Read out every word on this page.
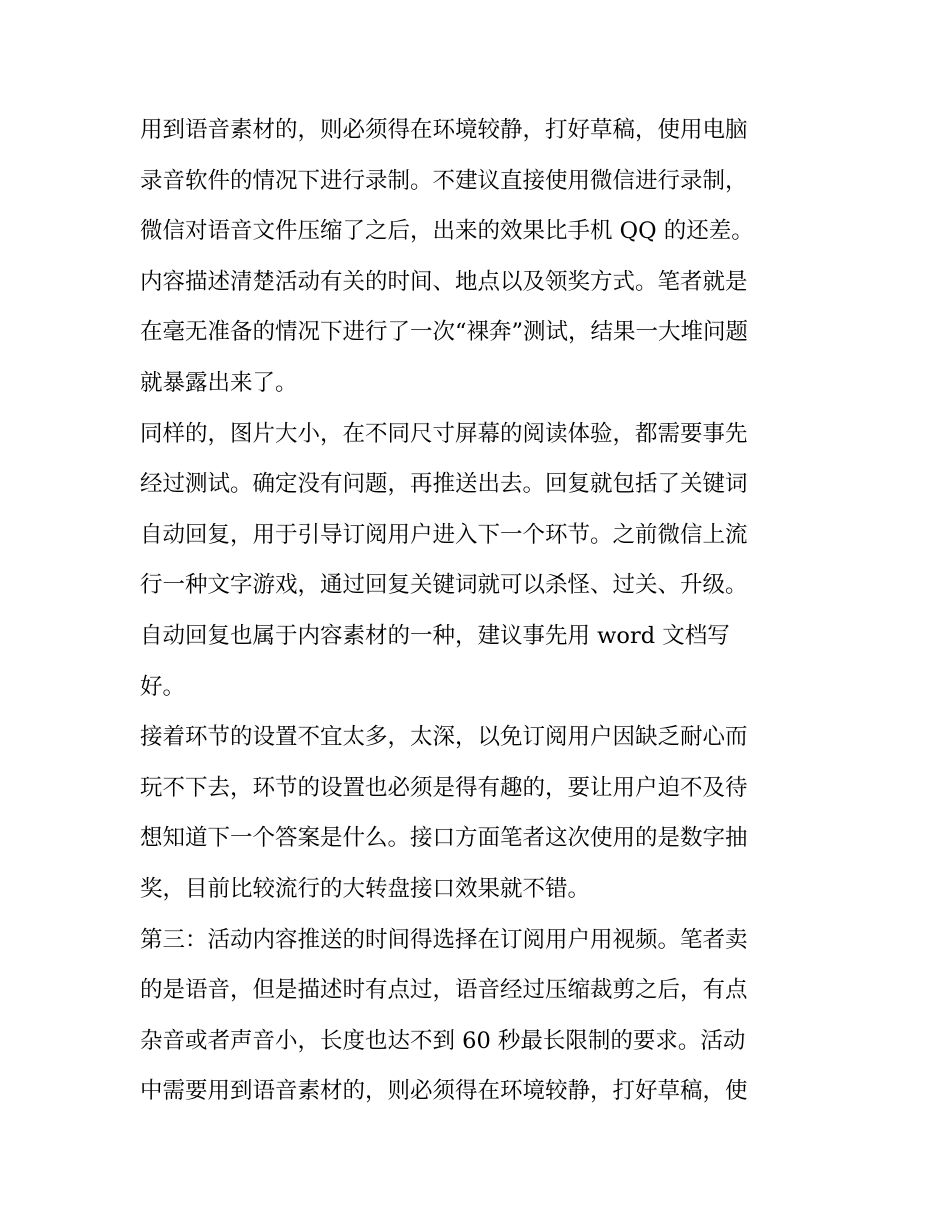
用到语音素材的，则必须得在环境较静，打好草稿，使用电脑
录音软件的情况下进行录制。不建议直接使用微信进行录制，
微信对语音文件压缩了之后，出来的效果比手机 QQ 的还差。
内容描述清楚活动有关的时间、地点以及领奖方式。笔者就是
在毫无准备的情况下进行了一次“裸奔”测试，结果一大堆问题
就暴露出来了。
同样的，图片大小，在不同尺寸屏幕的阅读体验，都需要事先
经过测试。确定没有问题，再推送出去。回复就包括了关键词
自动回复，用于引导订阅用户进入下一个环节。之前微信上流
行一种文字游戏，通过回复关键词就可以杀怪、过关、升级。
自动回复也属于内容素材的一种，建议事先用 word 文档写
好。
接着环节的设置不宜太多，太深，以免订阅用户因缺乏耐心而
玩不下去，环节的设置也必须是得有趣的，要让用户迫不及待
想知道下一个答案是什么。接口方面笔者这次使用的是数字抽
奖，目前比较流行的大转盘接口效果就不错。
第三：活动内容推送的时间得选择在订阅用户用视频。笔者卖
的是语音，但是描述时有点过，语音经过压缩裁剪之后，有点
杂音或者声音小，长度也达不到 60 秒最长限制的要求。活动
中需要用到语音素材的，则必须得在环境较静，打好草稿，使
